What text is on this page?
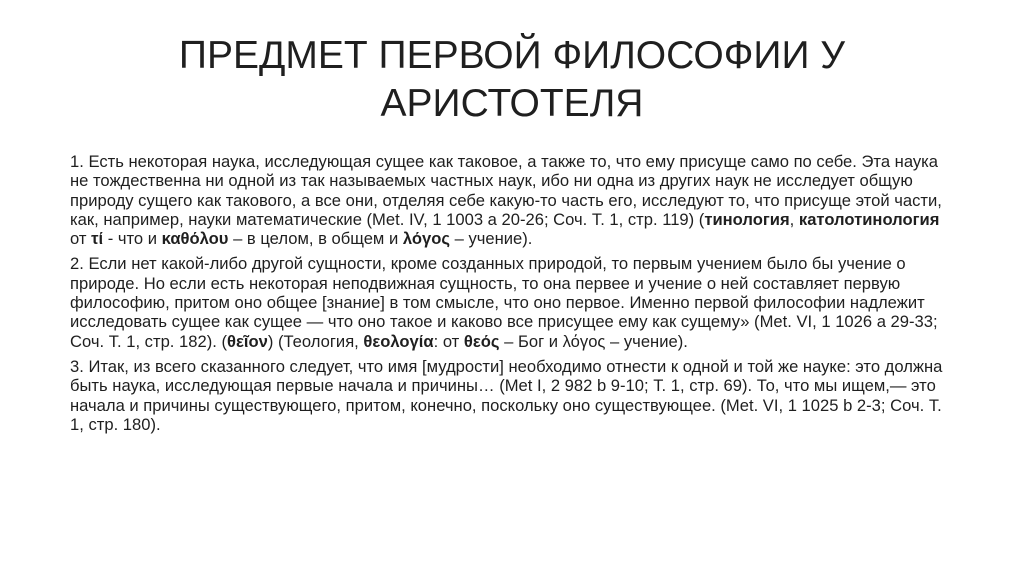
ПРЕДМЕТ ПЕРВОЙ ФИЛОСОФИИ У
АРИСТОТЕЛЯ

1. Есть некоторая наука, исследующая сущее как таковое, а также то, что ему присуще само по себе. Эта наука не тождественна ни одной из так называемых частных наук, ибо ни одна из других наук не исследует общую природу сущего как такового, а все они, отделяя себе какую-то часть его, исследуют то, что присуще этой части, как, например, науки математические (Met. IV, 1 1003 a 20-26; Соч. Т. 1, стр. 119) (тинология, католотинология от τί - что и καθόλου – в целом, в общем и λόγος – учение).

2. Если нет какой-либо другой сущности, кроме созданных природой, то первым учением было бы учение о природе. Но если есть некоторая неподвижная сущность, то она первее и учение о ней составляет первую философию, притом оно общее [знание] в том смысле, что оно первое. Именно первой философии надлежит исследовать сущее как сущее — что оно такое и каково все присущее ему как сущему» (Met. VI, 1 1026 a 29-33; Соч. Т. 1, стр. 182). (θεῖον) (Теология, θεολογία: от θεός – Бог и λόγος – учение).

3. Итак, из всего сказанного следует, что имя [мудрости] необходимо отнести к одной и той же науке: это должна быть наука, исследующая первые начала и причины… (Met I, 2 982 b 9-10; Т. 1, стр. 69). То, что мы ищем,— это начала и причины существующего, притом, конечно, поскольку оно существующее. (Met. VI, 1 1025 b 2-3; Соч. Т. 1, стр. 180).
